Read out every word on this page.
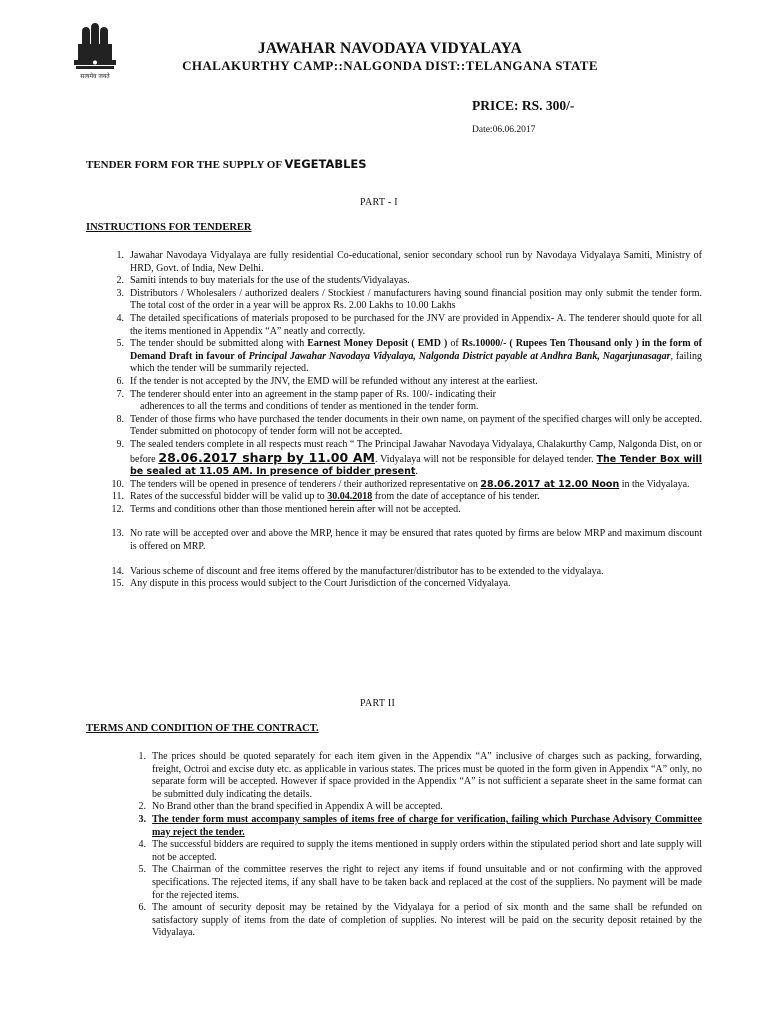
सत्यमेव जयते
JAWAHAR NAVODAYA VIDYALAYA
CHALAKURTHY CAMP::NALGONDA DIST::TELANGANA STATE
PRICE: RS. 300/-
Date:06.06.2017
TENDER FORM FOR THE SUPPLY OF VEGETABLES
PART - I
INSTRUCTIONS FOR TENDERER
1. Jawahar Navodaya Vidyalaya are fully residential Co-educational, senior secondary school run by Navodaya Vidyalaya Samiti, Ministry of HRD, Govt. of India, New Delhi.
2. Samiti intends to buy materials for the use of the students/Vidyalayas.
3. Distributors / Wholesalers / authorized dealers / Stockiest / manufacturers having sound financial position may only submit the tender form. The total cost of the order in a year will be approx Rs. 2.00 Lakhs to 10.00 Lakhs
4. The detailed specifications of materials proposed to be purchased for the JNV are provided in Appendix- A. The tenderer should quote for all the items mentioned in Appendix “A” neatly and correctly.
5. The tender should be submitted along with Earnest Money Deposit ( EMD ) of Rs.10000/- ( Rupees Ten Thousand only ) in the form of Demand Draft in favour of Principal Jawahar Navodaya Vidyalaya, Nalgonda District payable at Andhra Bank, Nagarjunasagar, failing which the tender will be summarily rejected.
6. If the tender is not accepted by the JNV, the EMD will be refunded without any interest at the earliest.
7. The tenderer should enter into an agreement in the stamp paper of Rs. 100/- indicating their
adherences to all the terms and conditions of tender as mentioned in the tender form.
8. Tender of those firms who have purchased the tender documents in their own name, on payment of the specified charges will only be accepted. Tender submitted on photocopy of tender form will not be accepted.
9. The sealed tenders complete in all respects must reach “ The Principal Jawahar Navodaya Vidyalaya, Chalakurthy Camp, Nalgonda Dist, on or before 28.06.2017 sharp by 11.00 AM. Vidyalaya will not be responsible for delayed tender. The Tender Box will be sealed at 11.05 AM. In presence of bidder present.
10. The tenders will be opened in presence of tenderers / their authorized representative on 28.06.2017 at 12.00 Noon in the Vidyalaya.
11. Rates of the successful bidder will be valid up to 30.04.2018 from the date of acceptance of his tender.
12. Terms and conditions other than those mentioned herein after will not be accepted.
13. No rate will be accepted over and above the MRP, hence it may be ensured that rates quoted by firms are below MRP and maximum discount is offered on MRP.
14. Various scheme of discount and free items offered by the manufacturer/distributor has to be extended to the vidyalaya.
15. Any dispute in this process would subject to the Court Jurisdiction of the concerned Vidyalaya.
PART II
TERMS AND CONDITION OF THE CONTRACT.
1. The prices should be quoted separately for each item given in the Appendix “A” inclusive of charges such as packing, forwarding, freight, Octroi and excise duty etc. as applicable in various states. The prices must be quoted in the form given in Appendix “A” only, no separate form will be accepted. However if space provided in the Appendix “A” is not sufficient a separate sheet in the same format can be submitted duly indicating the details.
2. No Brand other than the brand specified in Appendix A will be accepted.
3. The tender form must accompany samples of items free of charge for verification, failing which Purchase Advisory Committee may reject the tender.
4. The successful bidders are required to supply the items mentioned in supply orders within the stipulated period short and late supply will not be accepted.
5. The Chairman of the committee reserves the right to reject any items if found unsuitable and or not confirming with the approved specifications. The rejected items, if any shall have to be taken back and replaced at the cost of the suppliers. No payment will be made for the rejected items.
6. The amount of security deposit may be retained by the Vidyalaya for a period of six month and the same shall be refunded on satisfactory supply of items from the date of completion of supplies. No interest will be paid on the security deposit retained by the Vidyalaya.
